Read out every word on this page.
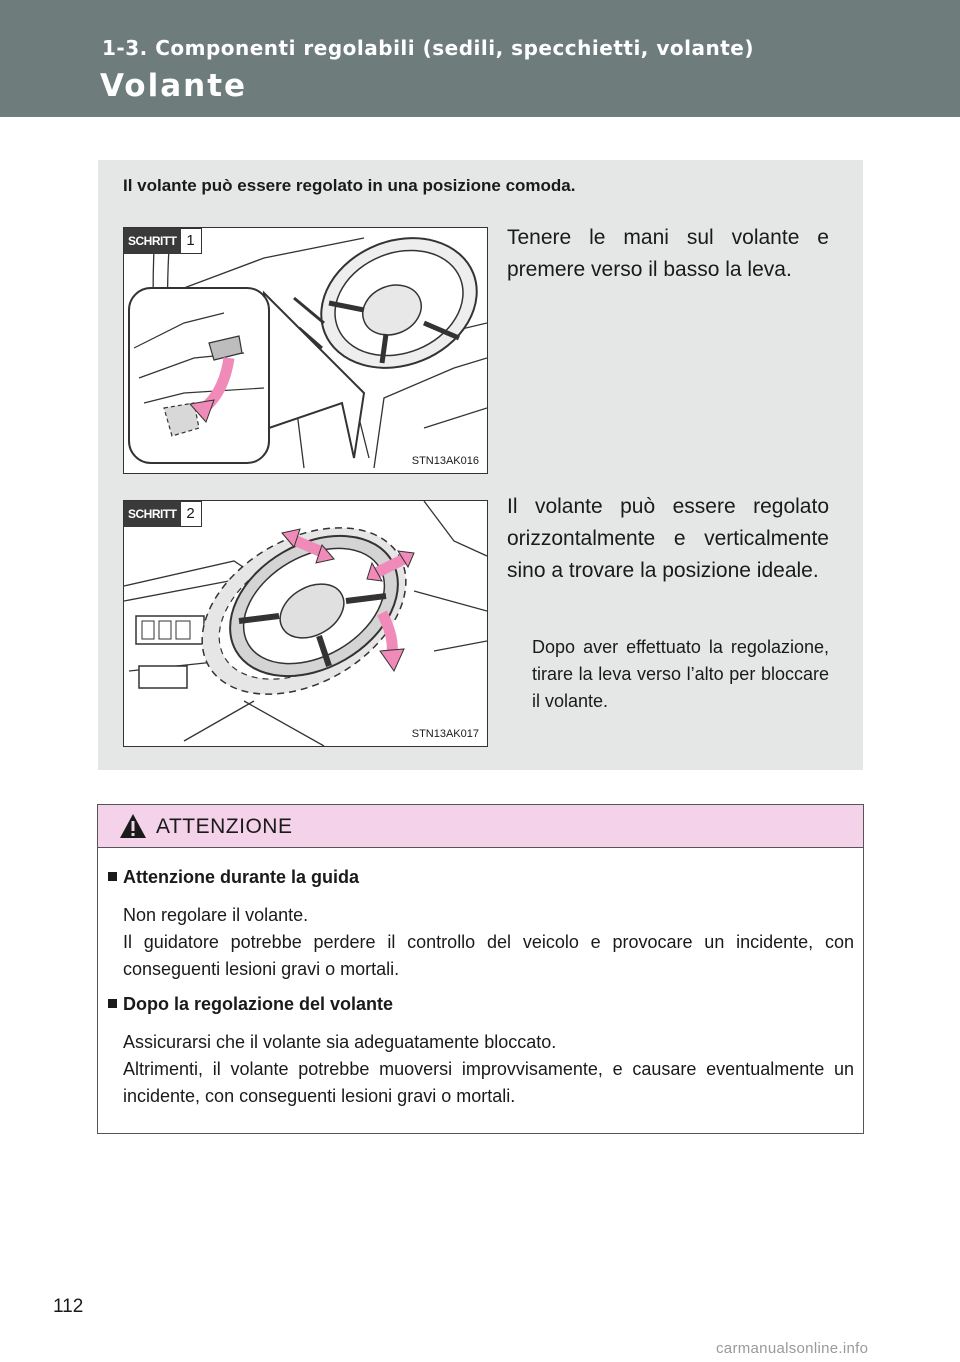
1-3. Componenti regolabili (sedili, specchietti, volante)
Volante
Il volante può essere regolato in una posizione comoda.
SCHRITT 1
STN13AK016
Tenere le mani sul volante e premere verso il basso la leva.
SCHRITT 2
STN13AK017
Il volante può essere regolato orizzontalmente e verticalmente sino a trovare la posizione ideale.
Dopo aver effettuato la regolazione, tirare la leva verso l’alto per bloccare il volante.
ATTENZIONE
Attenzione durante la guida

Non regolare il volante.

Il guidatore potrebbe perdere il controllo del veicolo e provocare un incidente, con conseguenti lesioni gravi o mortali.

Dopo la regolazione del volante

Assicurarsi che il volante sia adeguatamente bloccato.

Altrimenti, il volante potrebbe muoversi improvvisamente, e causare eventualmente un incidente, con conseguenti lesioni gravi o mortali.

112
carmanualsonline.info
